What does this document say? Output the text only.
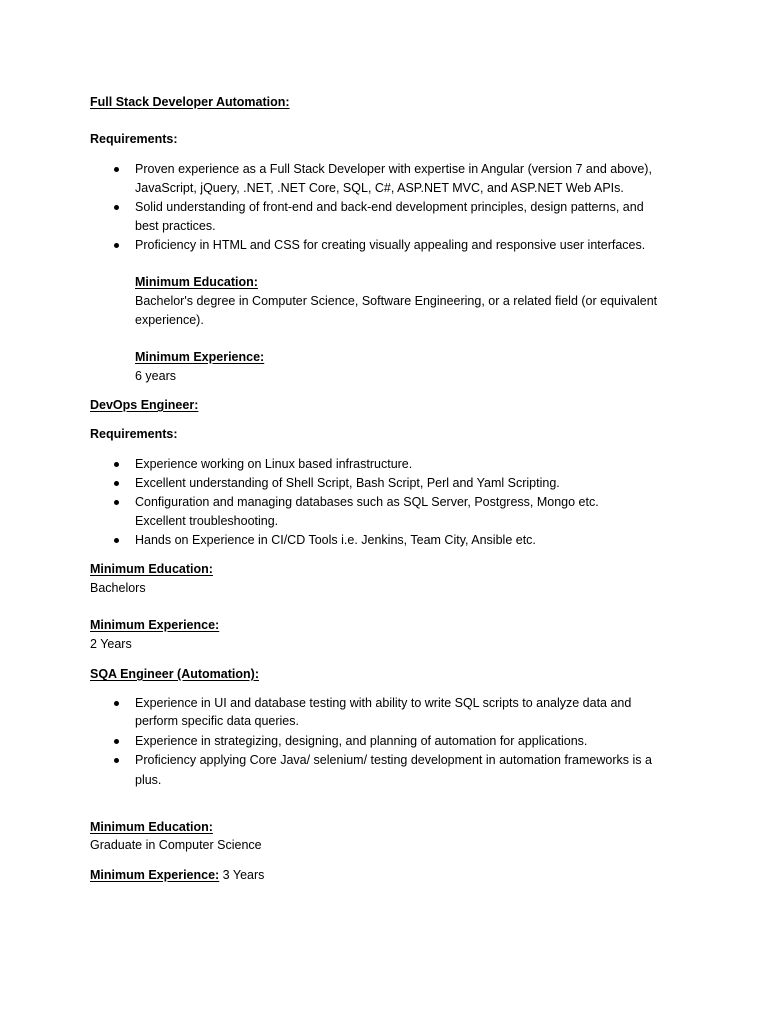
Full Stack Developer Automation:
Requirements:
Proven experience as a Full Stack Developer with expertise in Angular (version 7 and above),
JavaScript, jQuery, .NET, .NET Core, SQL, C#, ASP.NET MVC, and ASP.NET Web APIs.
Solid understanding of front-end and back-end development principles, design patterns, and
best practices.
Proficiency in HTML and CSS for creating visually appealing and responsive user interfaces.
Minimum Education:
Bachelor's degree in Computer Science, Software Engineering, or a related field (or equivalent
experience).
Minimum Experience:
6 years
DevOps Engineer:
Requirements:
Experience working on Linux based infrastructure.
Excellent understanding of Shell Script, Bash Script, Perl and Yaml Scripting.
Configuration and managing databases such as SQL Server, Postgress, Mongo etc.
Excellent troubleshooting.
Hands on Experience in CI/CD Tools i.e. Jenkins, Team City, Ansible etc.
Minimum Education:
Bachelors
Minimum Experience:
2 Years
SQA Engineer (Automation):
Experience in UI and database testing with ability to write SQL scripts to analyze data and
perform specific data queries.
Experience in strategizing, designing, and planning of automation for applications.
Proficiency applying Core Java/ selenium/ testing development in automation frameworks is a
plus.
Minimum Education:
Graduate in Computer Science
Minimum Experience: 3 Years
